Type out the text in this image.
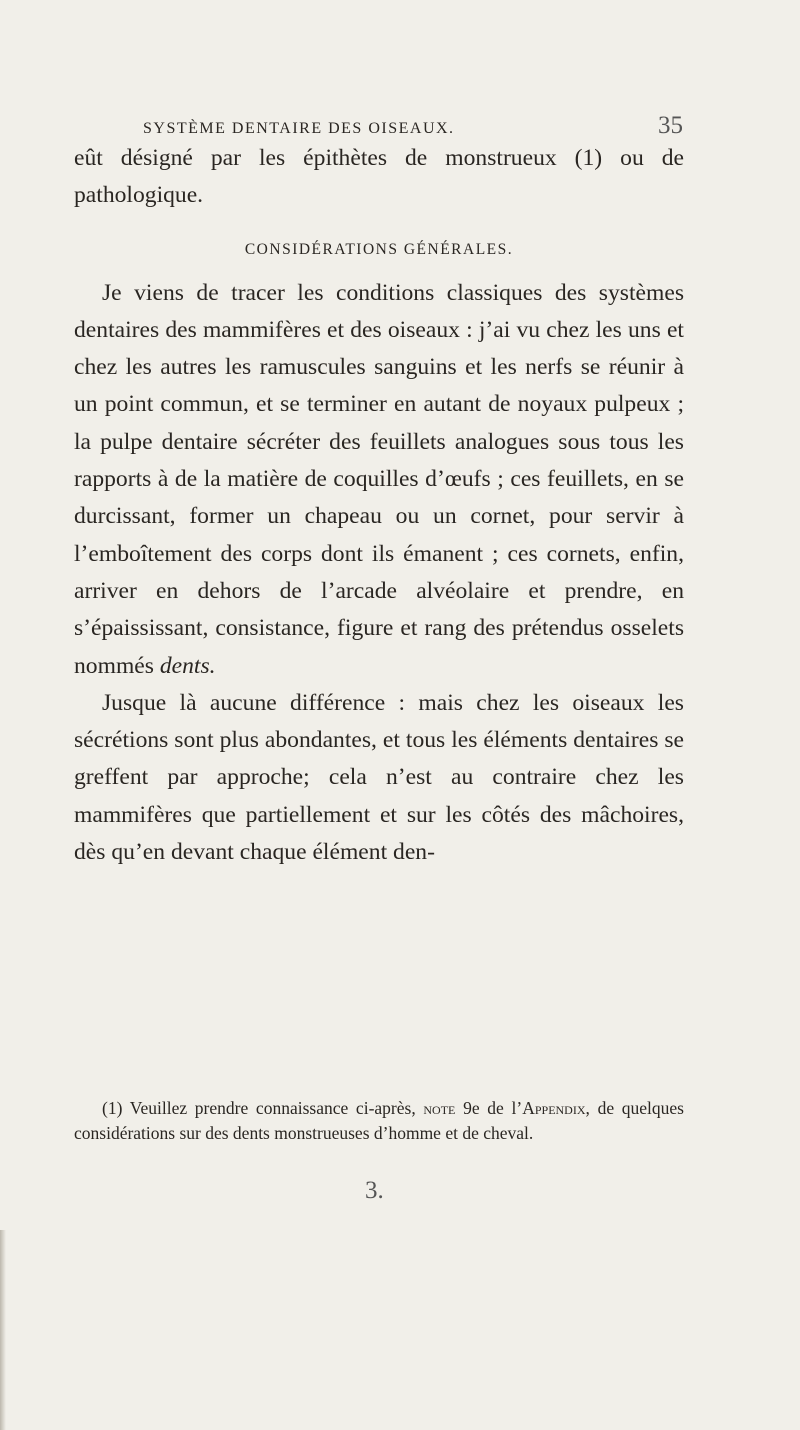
SYSTÈME DENTAIRE DES OISEAUX.	35

eût désigné par les épithètes de monstrueux (1) ou de pathologique.

CONSIDÉRATIONS GÉNÉRALES.

Je viens de tracer les conditions classiques des systèmes dentaires des mammifères et des oiseaux : j’ai vu chez les uns et chez les autres les ramuscules sanguins et les nerfs se réunir à un point commun, et se terminer en autant de noyaux pulpeux ; la pulpe dentaire sécréter des feuillets analogues sous tous les rapports à de la matière de coquilles d’œufs ; ces feuillets, en se durcissant, former un chapeau ou un cornet, pour servir à l’emboîtement des corps dont ils émanent ; ces cornets, enfin, arriver en dehors de l’arcade alvéolaire et prendre, en s’épaississant, consistance, figure et rang des prétendus osselets nommés dents.

Jusque là aucune différence : mais chez les oiseaux les sécrétions sont plus abondantes, et tous les éléments dentaires se greffent par approche; cela n’est au contraire chez les mammifères que partiellement et sur les côtés des mâchoires, dès qu’en devant chaque élément den-

(1) Veuillez prendre connaissance ci-après, note 9e de l’Appendix, de quelques considérations sur des dents monstrueuses d’homme et de cheval.
3.
